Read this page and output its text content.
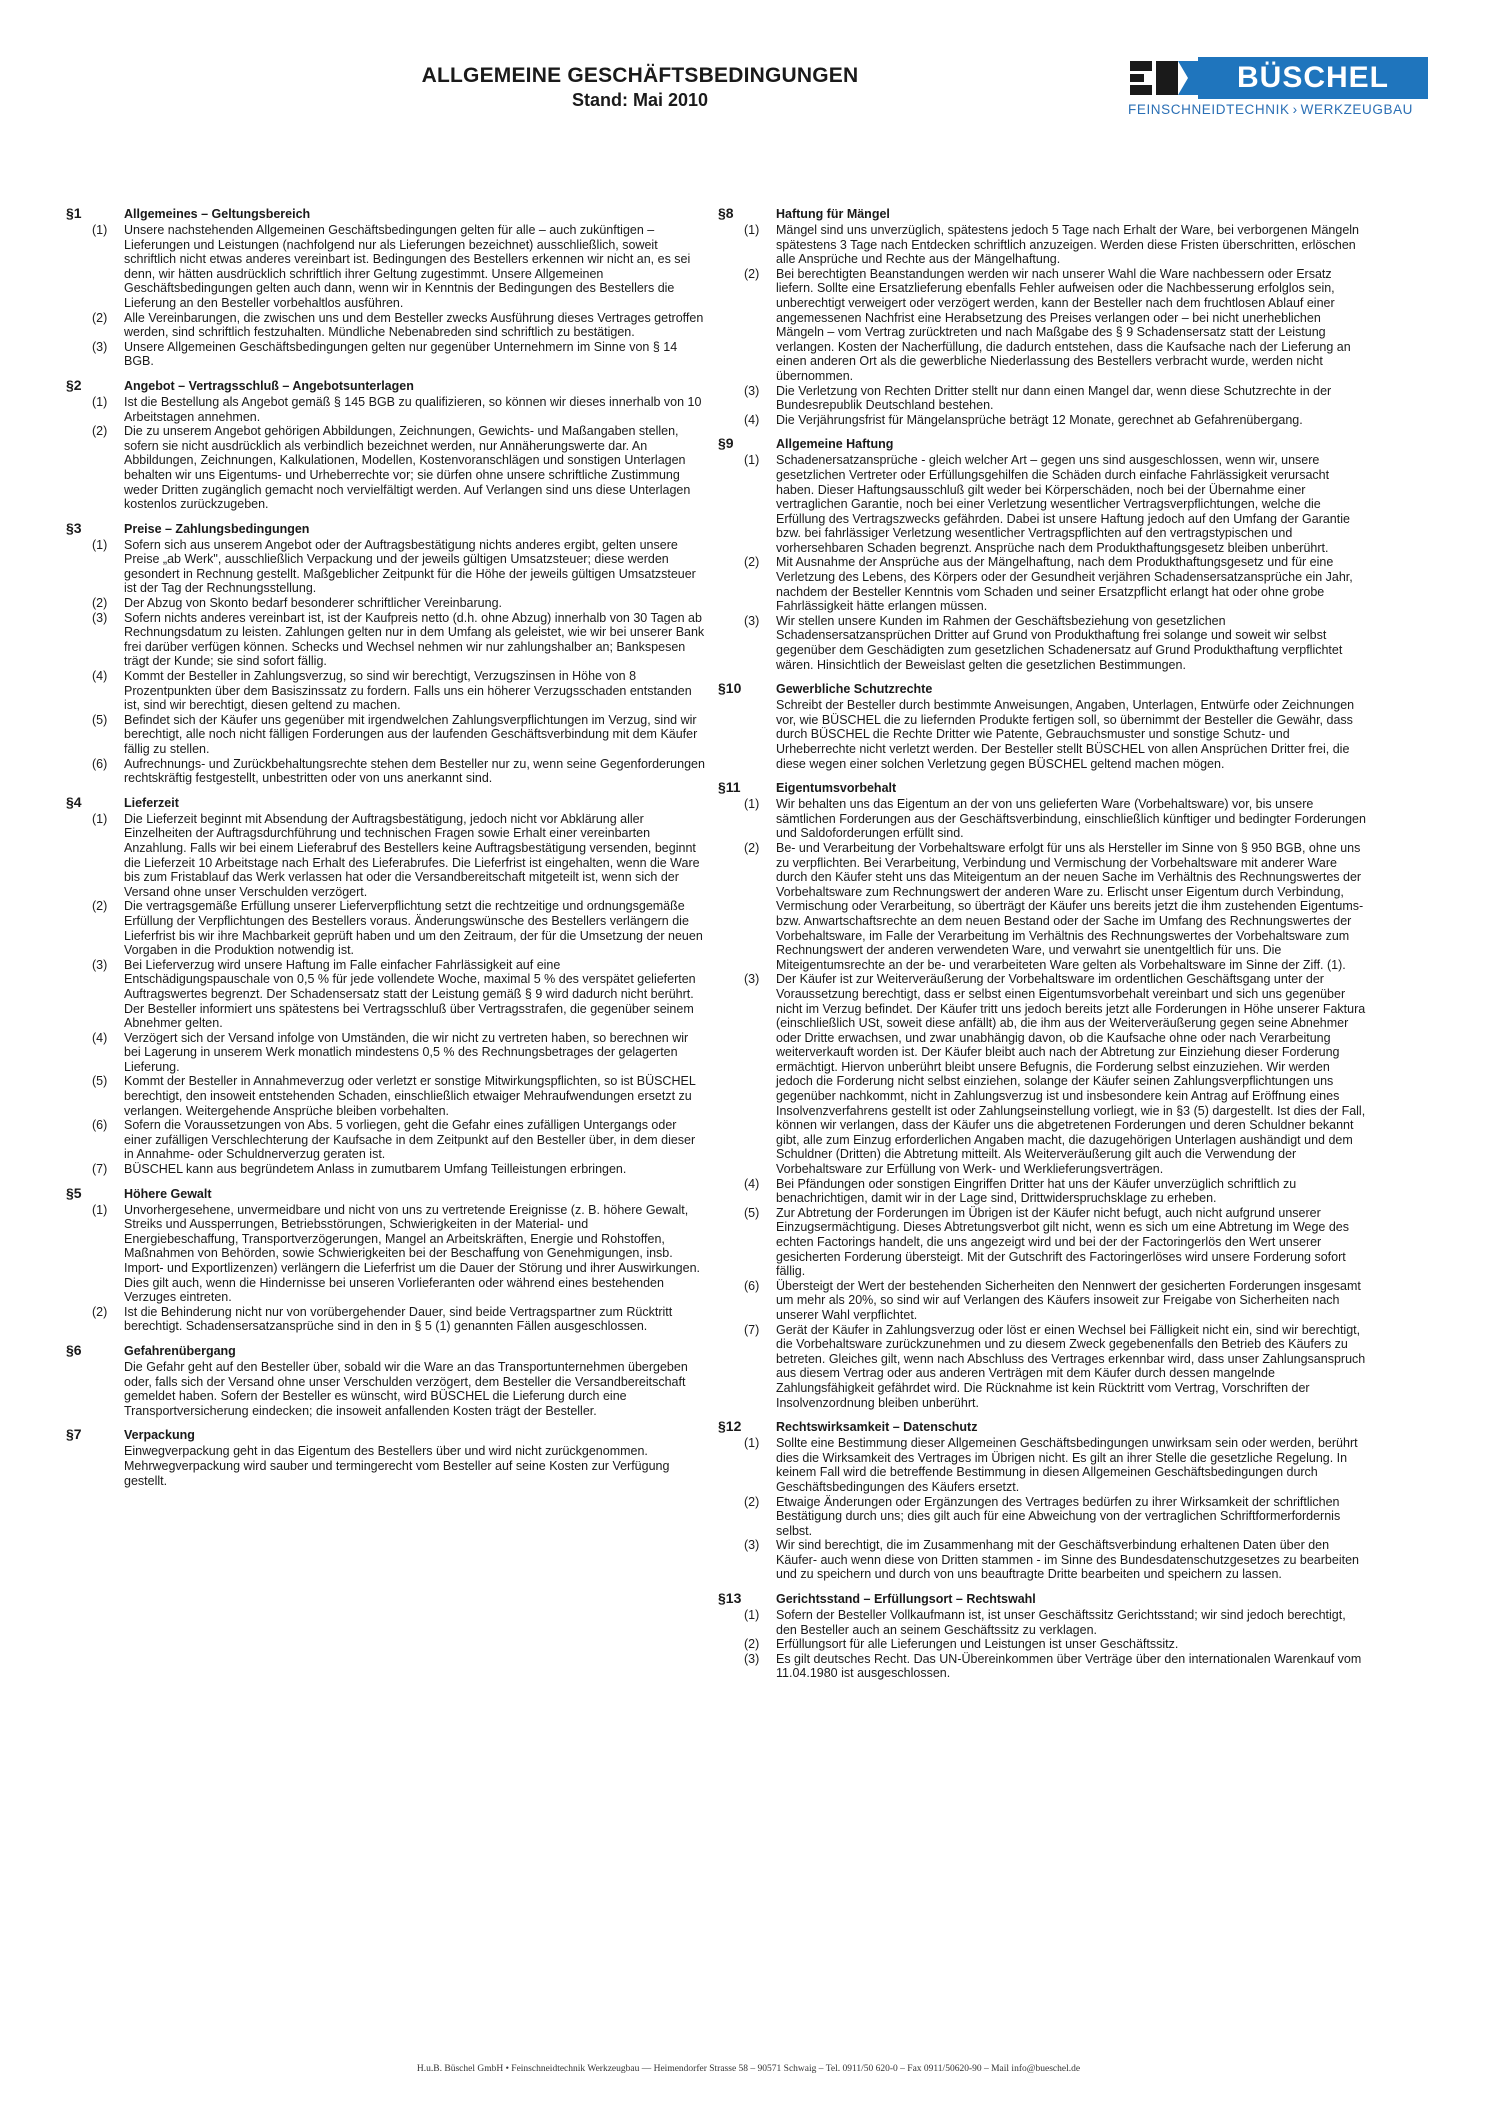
ALLGEMEINE GESCHÄFTSBEDINGUNGEN
Stand: Mai 2010
BÜSCHEL
FEINSCHNEIDTECHNIK › WERKZEUGBAU
§1	Allgemeines – Geltungsbereich
(1)	Unsere nachstehenden Allgemeinen Geschäftsbedingungen gelten für alle – auch zukünftigen – Lieferungen und Leistungen (nachfolgend nur als Lieferungen bezeichnet) ausschließlich, soweit schriftlich nicht etwas anderes vereinbart ist. Bedingungen des Bestellers erkennen wir nicht an, es sei denn, wir hätten ausdrücklich schriftlich ihrer Geltung zugestimmt. Unsere Allgemeinen Geschäftsbedingungen gelten auch dann, wenn wir in Kenntnis der Bedingungen des Bestellers die Lieferung an den Besteller vorbehaltlos ausführen.
(2)	Alle Vereinbarungen, die zwischen uns und dem Besteller zwecks Ausführung dieses Vertrages getroffen werden, sind schriftlich festzuhalten. Mündliche Nebenabreden sind schriftlich zu bestätigen.
(3)	Unsere Allgemeinen Geschäftsbedingungen gelten nur gegenüber Unternehmern im Sinne von § 14 BGB.
§2	Angebot – Vertragsschluß – Angebotsunterlagen
(1)	Ist die Bestellung als Angebot gemäß § 145 BGB zu qualifizieren, so können wir dieses innerhalb von 10 Arbeitstagen annehmen.
(2)	Die zu unserem Angebot gehörigen Abbildungen, Zeichnungen, Gewichts- und Maßangaben stellen, sofern sie nicht ausdrücklich als verbindlich bezeichnet werden, nur Annäherungswerte dar. An Abbildungen, Zeichnungen, Kalkulationen, Modellen, Kostenvoranschlägen und sonstigen Unterlagen behalten wir uns Eigentums- und Urheberrechte vor; sie dürfen ohne unsere schriftliche Zustimmung weder Dritten zugänglich gemacht noch vervielfältigt werden. Auf Verlangen sind uns diese Unterlagen kostenlos zurückzugeben.
§3	Preise – Zahlungsbedingungen
(1)	Sofern sich aus unserem Angebot oder der Auftragsbestätigung nichts anderes ergibt, gelten unsere Preise „ab Werk", ausschließlich Verpackung und der jeweils gültigen Umsatzsteuer; diese werden gesondert in Rechnung gestellt. Maßgeblicher Zeitpunkt für die Höhe der jeweils gültigen Umsatzsteuer ist der Tag der Rechnungsstellung.
(2)	Der Abzug von Skonto bedarf besonderer schriftlicher Vereinbarung.
(3)	Sofern nichts anderes vereinbart ist, ist der Kaufpreis netto (d.h. ohne Abzug) innerhalb von 30 Tagen ab Rechnungsdatum zu leisten. Zahlungen gelten nur in dem Umfang als geleistet, wie wir bei unserer Bank frei darüber verfügen können. Schecks und Wechsel nehmen wir nur zahlungshalber an; Bankspesen trägt der Kunde; sie sind sofort fällig.
(4)	Kommt der Besteller in Zahlungsverzug, so sind wir berechtigt, Verzugszinsen in Höhe von 8 Prozentpunkten über dem Basiszinssatz zu fordern. Falls uns ein höherer Verzugsschaden entstanden ist, sind wir berechtigt, diesen geltend zu machen.
(5)	Befindet sich der Käufer uns gegenüber mit irgendwelchen Zahlungsverpflichtungen im Verzug, sind wir berechtigt, alle noch nicht fälligen Forderungen aus der laufenden Geschäftsverbindung mit dem Käufer fällig zu stellen.
(6)	Aufrechnungs- und Zurückbehaltungsrechte stehen dem Besteller nur zu, wenn seine Gegenforderungen rechtskräftig festgestellt, unbestritten oder von uns anerkannt sind.
§4	Lieferzeit
(1)	Die Lieferzeit beginnt mit Absendung der Auftragsbestätigung, jedoch nicht vor Abklärung aller Einzelheiten der Auftragsdurchführung und technischen Fragen sowie Erhalt einer vereinbarten Anzahlung. Falls wir bei einem Lieferabruf des Bestellers keine Auftragsbestätigung versenden, beginnt die Lieferzeit 10 Arbeitstage nach Erhalt des Lieferabrufes. Die Lieferfrist ist eingehalten, wenn die Ware bis zum Fristablauf das Werk verlassen hat oder die Versandbereitschaft mitgeteilt ist, wenn sich der Versand ohne unser Verschulden verzögert.
(2)	Die vertragsgemäße Erfüllung unserer Lieferverpflichtung setzt die rechtzeitige und ordnungsgemäße Erfüllung der Verpflichtungen des Bestellers voraus. Änderungswünsche des Bestellers verlängern die Lieferfrist bis wir ihre Machbarkeit geprüft haben und um den Zeitraum, der für die Umsetzung der neuen Vorgaben in die Produktion notwendig ist.
(3)	Bei Lieferverzug wird unsere Haftung im Falle einfacher Fahrlässigkeit auf eine Entschädigungspauschale von 0,5 % für jede vollendete Woche, maximal 5 % des verspätet gelieferten Auftragswertes begrenzt. Der Schadensersatz statt der Leistung gemäß § 9 wird dadurch nicht berührt. Der Besteller informiert uns spätestens bei Vertragsschluß über Vertragsstrafen, die gegenüber seinem Abnehmer gelten.
(4)	Verzögert sich der Versand infolge von Umständen, die wir nicht zu vertreten haben, so berechnen wir bei Lagerung in unserem Werk monatlich mindestens 0,5 % des Rechnungsbetrages der gelagerten Lieferung.
(5)	Kommt der Besteller in Annahmeverzug oder verletzt er sonstige Mitwirkungspflichten, so ist BÜSCHEL berechtigt, den insoweit entstehenden Schaden, einschließlich etwaiger Mehraufwendungen ersetzt zu verlangen. Weitergehende Ansprüche bleiben vorbehalten.
(6)	Sofern die Voraussetzungen von Abs. 5 vorliegen, geht die Gefahr eines zufälligen Untergangs oder einer zufälligen Verschlechterung der Kaufsache in dem Zeitpunkt auf den Besteller über, in dem dieser in Annahme- oder Schuldnerverzug geraten ist.
(7)	BÜSCHEL kann aus begründetem Anlass in zumutbarem Umfang Teilleistungen erbringen.
§5	Höhere Gewalt
(1)	Unvorhergesehene, unvermeidbare und nicht von uns zu vertretende Ereignisse (z. B. höhere Gewalt, Streiks und Aussperrungen, Betriebsstörungen, Schwierigkeiten in der Material- und Energiebeschaffung, Transportverzögerungen, Mangel an Arbeitskräften, Energie und Rohstoffen, Maßnahmen von Behörden, sowie Schwierigkeiten bei der Beschaffung von Genehmigungen, insb. Import- und Exportlizenzen) verlängern die Lieferfrist um die Dauer der Störung und ihrer Auswirkungen. Dies gilt auch, wenn die Hindernisse bei unseren Vorlieferanten oder während eines bestehenden Verzuges eintreten.
(2)	Ist die Behinderung nicht nur von vorübergehender Dauer, sind beide Vertragspartner zum Rücktritt berechtigt. Schadensersatzansprüche sind in den in § 5 (1) genannten Fällen ausgeschlossen.
§6	Gefahrenübergang
Die Gefahr geht auf den Besteller über, sobald wir die Ware an das Transportunternehmen übergeben oder, falls sich der Versand ohne unser Verschulden verzögert, dem Besteller die Versandbereitschaft gemeldet haben. Sofern der Besteller es wünscht, wird BÜSCHEL die Lieferung durch eine Transportversicherung eindecken; die insoweit anfallenden Kosten trägt der Besteller.
§7	Verpackung
Einwegverpackung geht in das Eigentum des Bestellers über und wird nicht zurückgenommen. Mehrwegverpackung wird sauber und termingerecht vom Besteller auf seine Kosten zur Verfügung gestellt.
§8	Haftung für Mängel
(1)	Mängel sind uns unverzüglich, spätestens jedoch 5 Tage nach Erhalt der Ware, bei verborgenen Mängeln spätestens 3 Tage nach Entdecken schriftlich anzuzeigen. Werden diese Fristen überschritten, erlöschen alle Ansprüche und Rechte aus der Mängelhaftung.
(2)	Bei berechtigten Beanstandungen werden wir nach unserer Wahl die Ware nachbessern oder Ersatz liefern. Sollte eine Ersatzlieferung ebenfalls Fehler aufweisen oder die Nachbesserung erfolglos sein, unberechtigt verweigert oder verzögert werden, kann der Besteller nach dem fruchtlosen Ablauf einer angemessenen Nachfrist eine Herabsetzung des Preises verlangen oder – bei nicht unerheblichen Mängeln – vom Vertrag zurücktreten und nach Maßgabe des § 9 Schadensersatz statt der Leistung verlangen. Kosten der Nacherfüllung, die dadurch entstehen, dass die Kaufsache nach der Lieferung an einen anderen Ort als die gewerbliche Niederlassung des Bestellers verbracht wurde, werden nicht übernommen.
(3)	Die Verletzung von Rechten Dritter stellt nur dann einen Mangel dar, wenn diese Schutzrechte in der Bundesrepublik Deutschland bestehen.
(4)	Die Verjährungsfrist für Mängelansprüche beträgt 12 Monate, gerechnet ab Gefahrenübergang.
§9	Allgemeine Haftung
(1)	Schadenersatzansprüche - gleich welcher Art – gegen uns sind ausgeschlossen, wenn wir, unsere gesetzlichen Vertreter oder Erfüllungsgehilfen die Schäden durch einfache Fahrlässigkeit verursacht haben. Dieser Haftungsausschluß gilt weder bei Körperschäden, noch bei der Übernahme einer vertraglichen Garantie, noch bei einer Verletzung wesentlicher Vertragsverpflichtungen, welche die Erfüllung des Vertragszwecks gefährden. Dabei ist unsere Haftung jedoch auf den Umfang der Garantie bzw. bei fahrlässiger Verletzung wesentlicher Vertragspflichten auf den vertragstypischen und vorhersehbaren Schaden begrenzt. Ansprüche nach dem Produkthaftungsgesetz bleiben unberührt.
(2)	Mit Ausnahme der Ansprüche aus der Mängelhaftung, nach dem Produkthaftungsgesetz und für eine Verletzung des Lebens, des Körpers oder der Gesundheit verjähren Schadensersatzansprüche ein Jahr, nachdem der Besteller Kenntnis vom Schaden und seiner Ersatzpflicht erlangt hat oder ohne grobe Fahrlässigkeit hätte erlangen müssen.
(3)	Wir stellen unsere Kunden im Rahmen der Geschäftsbeziehung von gesetzlichen Schadensersatzansprüchen Dritter auf Grund von Produkthaftung frei solange und soweit wir selbst gegenüber dem Geschädigten zum gesetzlichen Schadenersatz auf Grund Produkthaftung verpflichtet wären. Hinsichtlich der Beweislast gelten die gesetzlichen Bestimmungen.
§10	Gewerbliche Schutzrechte
Schreibt der Besteller durch bestimmte Anweisungen, Angaben, Unterlagen, Entwürfe oder Zeichnungen vor, wie BÜSCHEL die zu liefernden Produkte fertigen soll, so übernimmt der Besteller die Gewähr, dass durch BÜSCHEL die Rechte Dritter wie Patente, Gebrauchsmuster und sonstige Schutz- und Urheberrechte nicht verletzt werden. Der Besteller stellt BÜSCHEL von allen Ansprüchen Dritter frei, die diese wegen einer solchen Verletzung gegen BÜSCHEL geltend machen mögen.
§11	Eigentumsvorbehalt
(1)	Wir behalten uns das Eigentum an der von uns gelieferten Ware (Vorbehaltsware) vor, bis unsere sämtlichen Forderungen aus der Geschäftsverbindung, einschließlich künftiger und bedingter Forderungen und Saldoforderungen erfüllt sind.
(2)	Be- und Verarbeitung der Vorbehaltsware erfolgt für uns als Hersteller im Sinne von § 950 BGB, ohne uns zu verpflichten. Bei Verarbeitung, Verbindung und Vermischung der Vorbehaltsware mit anderer Ware durch den Käufer steht uns das Miteigentum an der neuen Sache im Verhältnis des Rechnungswertes der Vorbehaltsware zum Rechnungswert der anderen Ware zu. Erlischt unser Eigentum durch Verbindung, Vermischung oder Verarbeitung, so überträgt der Käufer uns bereits jetzt die ihm zustehenden Eigentums- bzw. Anwartschaftsrechte an dem neuen Bestand oder der Sache im Umfang des Rechnungswertes der Vorbehaltsware, im Falle der Verarbeitung im Verhältnis des Rechnungswertes der Vorbehaltsware zum Rechnungswert der anderen verwendeten Ware, und verwahrt sie unentgeltlich für uns. Die Miteigentumsrechte an der be- und verarbeiteten Ware gelten als Vorbehaltsware im Sinne der Ziff. (1).
(3)	Der Käufer ist zur Weiterveräußerung der Vorbehaltsware im ordentlichen Geschäftsgang unter der Voraussetzung berechtigt, dass er selbst einen Eigentumsvorbehalt vereinbart und sich uns gegenüber nicht im Verzug befindet. Der Käufer tritt uns jedoch bereits jetzt alle Forderungen in Höhe unserer Faktura (einschließlich USt, soweit diese anfällt) ab, die ihm aus der Weiterveräußerung gegen seine Abnehmer oder Dritte erwachsen, und zwar unabhängig davon, ob die Kaufsache ohne oder nach Verarbeitung weiterverkauft worden ist. Der Käufer bleibt auch nach der Abtretung zur Einziehung dieser Forderung ermächtigt. Hiervon unberührt bleibt unsere Befugnis, die Forderung selbst einzuziehen. Wir werden jedoch die Forderung nicht selbst einziehen, solange der Käufer seinen Zahlungsverpflichtungen uns gegenüber nachkommt, nicht in Zahlungsverzug ist und insbesondere kein Antrag auf Eröffnung eines Insolvenzverfahrens gestellt ist oder Zahlungseinstellung vorliegt, wie in §3 (5) dargestellt. Ist dies der Fall, können wir verlangen, dass der Käufer uns die abgetretenen Forderungen und deren Schuldner bekannt gibt, alle zum Einzug erforderlichen Angaben macht, die dazugehörigen Unterlagen aushändigt und dem Schuldner (Dritten) die Abtretung mitteilt. Als Weiterveräußerung gilt auch die Verwendung der Vorbehaltsware zur Erfüllung von Werk- und Werklieferungsverträgen.
(4)	Bei Pfändungen oder sonstigen Eingriffen Dritter hat uns der Käufer unverzüglich schriftlich zu benachrichtigen, damit wir in der Lage sind, Drittwiderspruchsklage zu erheben.
(5)	Zur Abtretung der Forderungen im Übrigen ist der Käufer nicht befugt, auch nicht aufgrund unserer Einzugsermächtigung. Dieses Abtretungsverbot gilt nicht, wenn es sich um eine Abtretung im Wege des echten Factorings handelt, die uns angezeigt wird und bei der der Factoringerlös den Wert unserer gesicherten Forderung übersteigt. Mit der Gutschrift des Factoringerlöses wird unsere Forderung sofort fällig.
(6)	Übersteigt der Wert der bestehenden Sicherheiten den Nennwert der gesicherten Forderungen insgesamt um mehr als 20%, so sind wir auf Verlangen des Käufers insoweit zur Freigabe von Sicherheiten nach unserer Wahl verpflichtet.
(7)	Gerät der Käufer in Zahlungsverzug oder löst er einen Wechsel bei Fälligkeit nicht ein, sind wir berechtigt, die Vorbehaltsware zurückzunehmen und zu diesem Zweck gegebenenfalls den Betrieb des Käufers zu betreten. Gleiches gilt, wenn nach Abschluss des Vertrages erkennbar wird, dass unser Zahlungsanspruch aus diesem Vertrag oder aus anderen Verträgen mit dem Käufer durch dessen mangelnde Zahlungsfähigkeit gefährdet wird. Die Rücknahme ist kein Rücktritt vom Vertrag, Vorschriften der Insolvenzordnung bleiben unberührt.
§12	Rechtswirksamkeit – Datenschutz
(1)	Sollte eine Bestimmung dieser Allgemeinen Geschäftsbedingungen unwirksam sein oder werden, berührt dies die Wirksamkeit des Vertrages im Übrigen nicht. Es gilt an ihrer Stelle die gesetzliche Regelung. In keinem Fall wird die betreffende Bestimmung in diesen Allgemeinen Geschäftsbedingungen durch Geschäftsbedingungen des Käufers ersetzt.
(2)	Etwaige Änderungen oder Ergänzungen des Vertrages bedürfen zu ihrer Wirksamkeit der schriftlichen Bestätigung durch uns; dies gilt auch für eine Abweichung von der vertraglichen Schriftformerfordernis selbst.
(3)	Wir sind berechtigt, die im Zusammenhang mit der Geschäftsverbindung erhaltenen Daten über den Käufer- auch wenn diese von Dritten stammen - im Sinne des Bundesdatenschutzgesetzes zu bearbeiten und zu speichern und durch von uns beauftragte Dritte bearbeiten und speichern zu lassen.
§13	Gerichtsstand – Erfüllungsort – Rechtswahl
(1)	Sofern der Besteller Vollkaufmann ist, ist unser Geschäftssitz Gerichtsstand; wir sind jedoch berechtigt, den Besteller auch an seinem Geschäftssitz zu verklagen.
(2)	Erfüllungsort für alle Lieferungen und Leistungen ist unser Geschäftssitz.
(3)	Es gilt deutsches Recht. Das UN-Übereinkommen über Verträge über den internationalen Warenkauf vom 11.04.1980 ist ausgeschlossen.
H.u.B. Büschel GmbH • Feinschneidtechnik Werkzeugbau — Heimendorfer Strasse 58 – 90571 Schwaig – Tel. 0911/50 620-0 – Fax 0911/50620-90 – Mail info@bueschel.de
